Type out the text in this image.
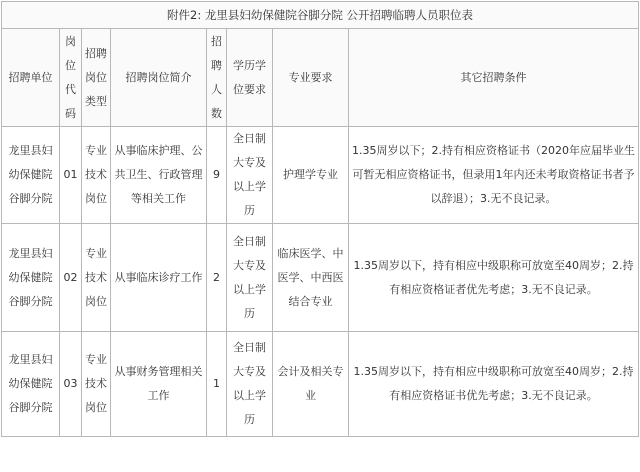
附件2: 龙里县妇幼保健院谷脚分院 公开招聘临聘人员职位表							

招聘单位	岗位代码	招聘岗位类型	招聘岗位简介	招聘人数	学历学位要求	专业要求	其它招聘条件

龙里县妇幼保健院谷脚分院	01	专业技术岗位	从事临床护理、公共卫生、行政管理等相关工作	9	全日制大专及以上学历	护理学专业	1.35周岁以下；2.持有相应资格证书（2020年应届毕业生可暂无相应资格证书，但录用1年内还未考取资格证书者予以辞退）；3.无不良记录。

龙里县妇幼保健院谷脚分院	02	专业技术岗位	从事临床诊疗工作	2	全日制大专及以上学历	临床医学、中医学、中西医结合专业	1.35周岁以下，持有相应中级职称可放宽至40周岁；2.持有相应资格证者优先考虑；3.无不良记录。

龙里县妇幼保健院谷脚分院	03	专业技术岗位	从事财务管理相关工作	1	全日制大专及以上学历	会计及相关专业	1.35周岁以下，持有相应中级职称可放宽至40周岁；2.持有相应资格证书优先考虑；3.无不良记录。
